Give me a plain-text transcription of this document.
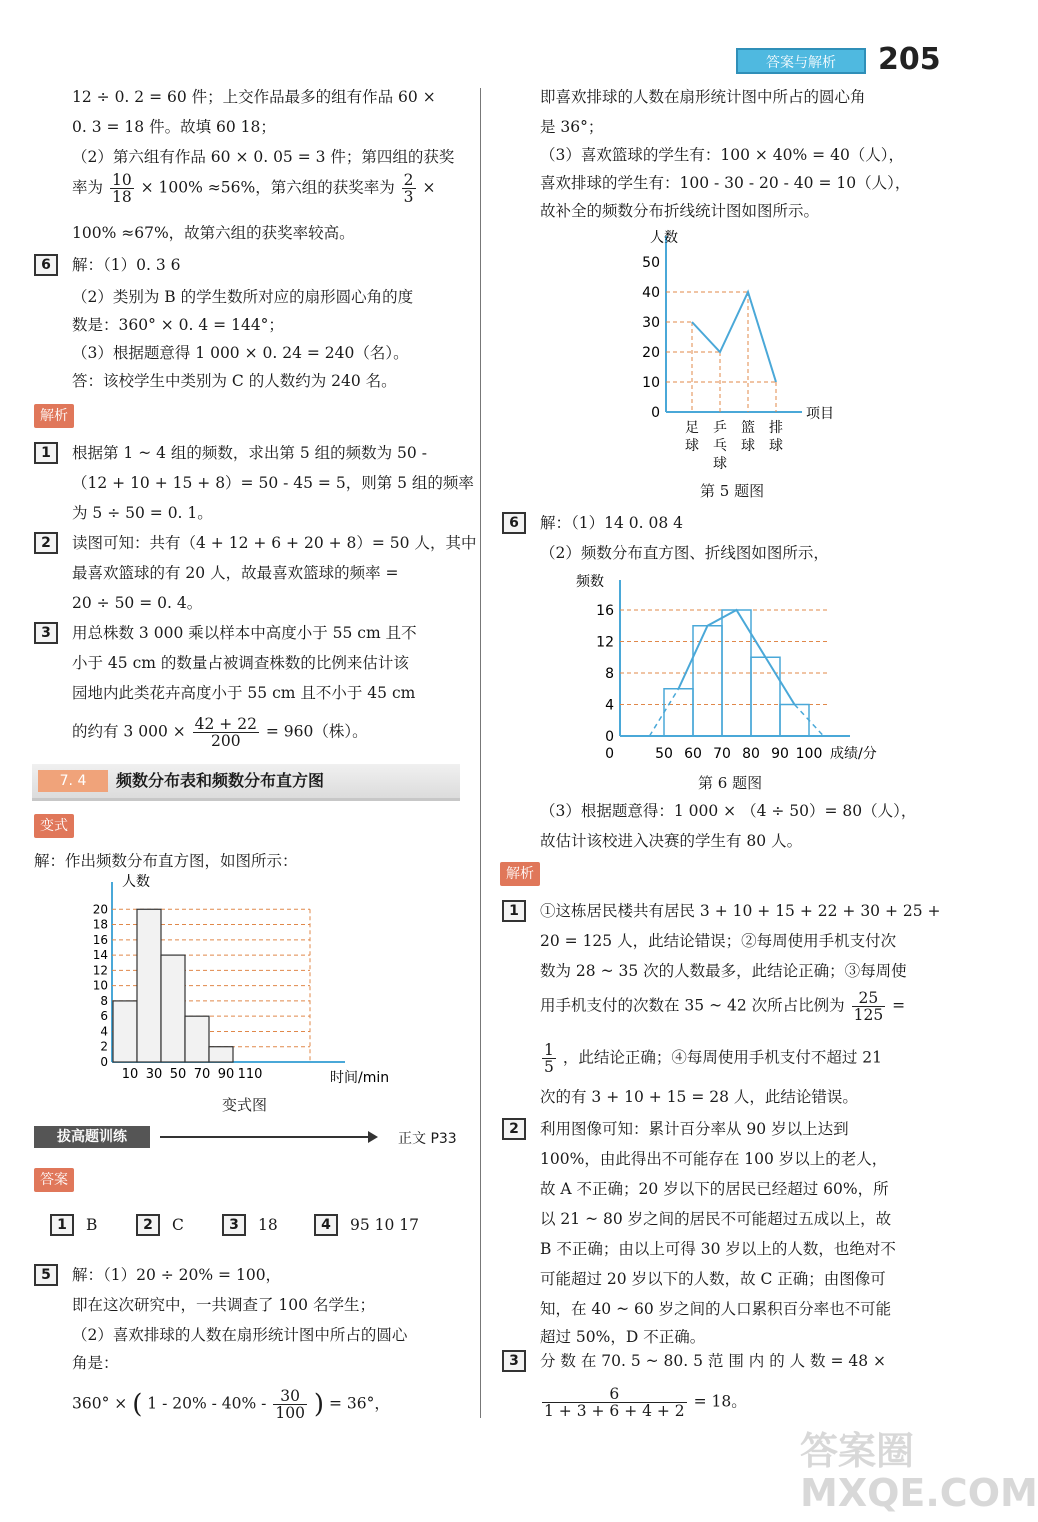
答案与解析	205
12 ÷ 0. 2 = 60 件；上交作品最多的组有作品 60 ×
0. 3 = 18 件。故填 60 18；
（2）第六组有作品 60 × 0. 05 = 3 件；第四组的获奖
率为 $\frac{10}{18} \times 100\% \approx 56\%$，第六组的获奖率为 $\frac{2}{3}$ ×
100% ≈67%，故第六组的获奖率较高。
6	解：（1）0. 3 6
（2）类别为 B 的学生数所对应的扇形圆心角的度
数是：360° × 0. 4 = 144°；
（3）根据题意得 1 000 × 0. 24 = 240（名）。
答：该校学生中类别为 C 的人数约为 240 名。
解析
1	根据第 1 ~ 4 组的频数，求出第 5 组的频数为 50 -
（12 + 10 + 15 + 8）= 50 - 45 = 5，则第 5 组的频率
为 5 ÷ 50 = 0. 1。
2	读图可知：共有（4 + 12 + 6 + 20 + 8）= 50 人，其中
最喜欢篮球的有 20 人，故最喜欢篮球的频率 =
20 ÷ 50 = 0. 4。
3	用总株数 3 000 乘以样本中高度小于 55 cm 且不
小于 45 cm 的数量占被调查株数的比例来估计该
园地内此类花卉高度小于 55 cm 且不小于 45 cm
的约有 3 $000 \times \frac{42 + 22}{200} = 960$（株）。
7. 4	频数分布表和频数分布直方图
变式
解：作出频数分布直方图，如图所示：
0
2
4
6
8
10
12
14
16
18
20
10 30 50 70 90 110
人数
时间/min
变式图
拔高题训练	正文 P33
答案
1	B	2	C	3	18	4	95 10 17
5	解：（1）20 ÷ 20% = 100，
即在这次研究中，一共调查了 100 名学生；
（2）喜欢排球的人数在扇形统计图中所占的圆心
角是：
360° × ( $1 - 20\% - 40\% - \frac{30}{100}$ ) = 36°，
即喜欢排球的人数在扇形统计图中所占的圆心角
是 36°；
（3）喜欢篮球的学生有：100 × 40% = 40（人），
喜欢排球的学生有：100 - 30 - 20 - 40 = 10（人），
故补全的频数分布折线统计图如图所示。
0
10
20
30
40
50
足
球
乒
乓
球
篮
球
排
球
人数
项目
第 5 题图
6	解：（1）14 0. 08 4
（2）频数分布直方图、折线图如图所示，
0
4
8
12
16
50 60 70 80 90 100
0
频数
成绩/分
第 6 题图
（3）根据题意得：1 000 × （4 ÷ 50）= 80（人），
故估计该校进入决赛的学生有 80 人。
解析
1	①这栋居民楼共有居民 3 + 10 + 15 + 22 + 30 + 25 +
20 = 125 人，此结论错误；②每周使用手机支付次
数为 28 ~ 35 次的人数最多，此结论正确；③每周使
用手机支付的次数在 35 ~ 42 次所占比例为 $\frac{25}{125}$ =
$\frac{1}{5}$ ，此结论正确；④每周使用手机支付不超过 21
次的有 3 + 10 + 15 = 28 人，此结论错误。
2	利用图像可知：累计百分率从 90 岁以上达到
100%，由此得出不可能存在 100 岁以上的老人，
故 A 不正确；20 岁以下的居民已经超过 60%，所
以 21 ~ 80 岁之间的居民不可能超过五成以上，故
B 不正确；由以上可得 30 岁以上的人数，也绝对不
可能超过 20 岁以下的人数，故 C 正确；由图像可
知，在 40 ~ 60 岁之间的人口累积百分率也不可能
超过 50%，D 不正确。
3	分 数 在 70. 5 ~ 80. 5 范 围 内 的 人 数 = 48 ×
$\frac{6}{1 + 3 + 6 + 4 + 2} = 18$。
答案圈 MXQE.COM
